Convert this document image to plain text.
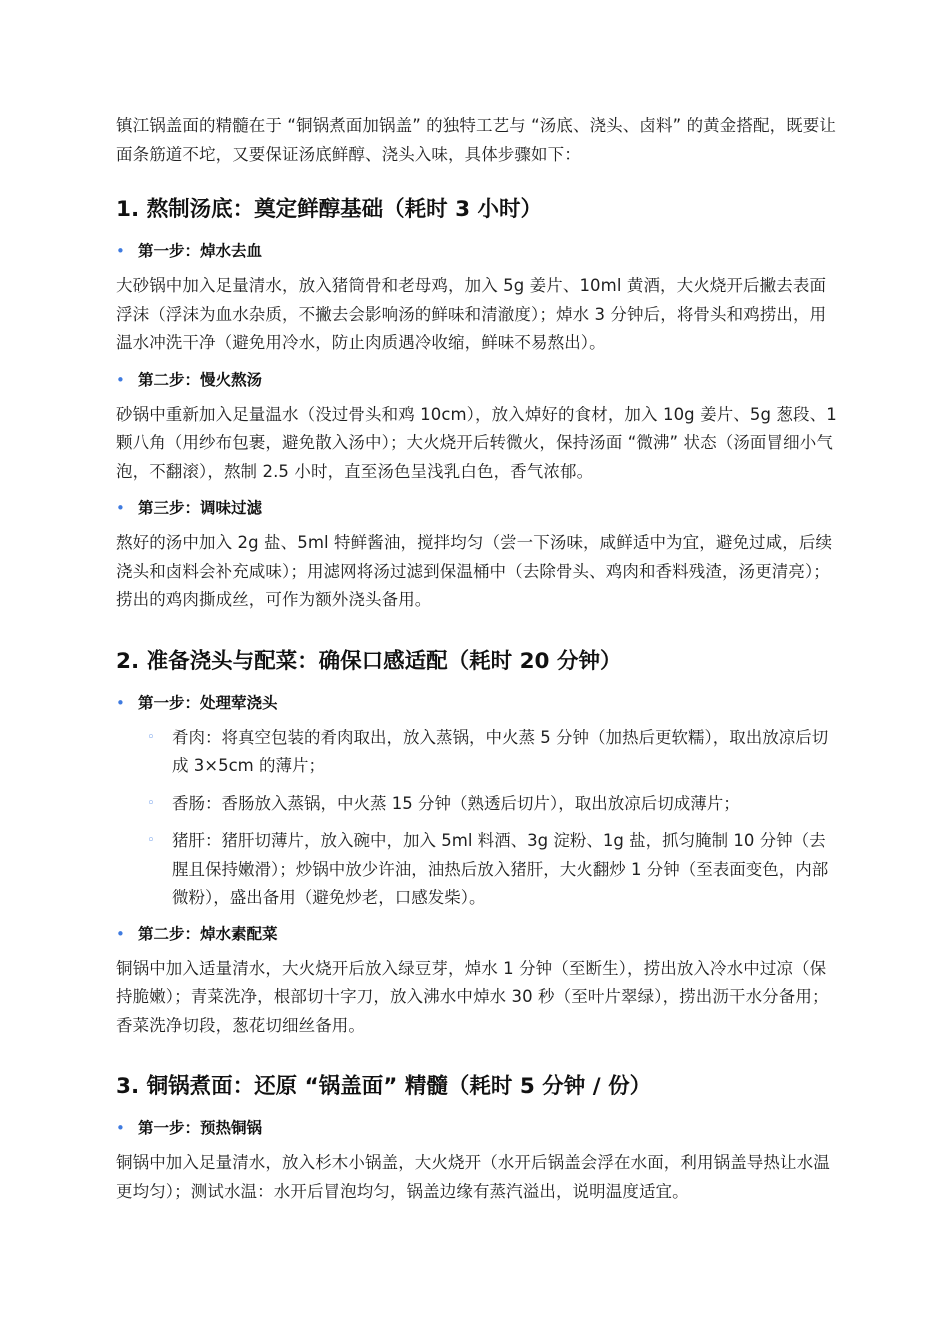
镇江锅盖面的精髓在于 “铜锅煮面加锅盖” 的独特工艺与 “汤底、浇头、卤料” 的黄金搭配，既要让面条筋道不坨，又要保证汤底鲜醇、浇头入味，具体步骤如下：

1. 熬制汤底：奠定鲜醇基础（耗时 3 小时）
• 第一步：焯水去血

大砂锅中加入足量清水，放入猪筒骨和老母鸡，加入 5g 姜片、10ml 黄酒，大火烧开后撇去表面浮沫（浮沫为血水杂质，不撇去会影响汤的鲜味和清澈度）；焯水 3 分钟后，将骨头和鸡捞出，用温水冲洗干净（避免用冷水，防止肉质遇冷收缩，鲜味不易熬出）。

• 第二步：慢火熬汤

砂锅中重新加入足量温水（没过骨头和鸡 10cm），放入焯好的食材，加入 10g 姜片、5g 葱段、1 颗八角（用纱布包裹，避免散入汤中）；大火烧开后转微火，保持汤面 “微沸” 状态（汤面冒细小气泡，不翻滚），熬制 2.5 小时，直至汤色呈浅乳白色，香气浓郁。

• 第三步：调味过滤

熬好的汤中加入 2g 盐、5ml 特鲜酱油，搅拌均匀（尝一下汤味，咸鲜适中为宜，避免过咸，后续浇头和卤料会补充咸味）；用滤网将汤过滤到保温桶中（去除骨头、鸡肉和香料残渣，汤更清亮）；捞出的鸡肉撕成丝，可作为额外浇头备用。

2. 准备浇头与配菜：确保口感适配（耗时 20 分钟）
• 第一步：处理荤浇头
◦ 肴肉：将真空包装的肴肉取出，放入蒸锅，中火蒸 5 分钟（加热后更软糯），取出放凉后切成 3×5cm 的薄片；
◦ 香肠：香肠放入蒸锅，中火蒸 15 分钟（熟透后切片），取出放凉后切成薄片；
◦ 猪肝：猪肝切薄片，放入碗中，加入 5ml 料酒、3g 淀粉、1g 盐，抓匀腌制 10 分钟（去腥且保持嫩滑）；炒锅中放少许油，油热后放入猪肝，大火翻炒 1 分钟（至表面变色，内部微粉），盛出备用（避免炒老，口感发柴）。
• 第二步：焯水素配菜

铜锅中加入适量清水，大火烧开后放入绿豆芽，焯水 1 分钟（至断生），捞出放入冷水中过凉（保持脆嫩）；青菜洗净，根部切十字刀，放入沸水中焯水 30 秒（至叶片翠绿），捞出沥干水分备用；香菜洗净切段，葱花切细丝备用。

3. 铜锅煮面：还原 “锅盖面” 精髓（耗时 5 分钟 / 份）
• 第一步：预热铜锅

铜锅中加入足量清水，放入杉木小锅盖，大火烧开（水开后锅盖会浮在水面，利用锅盖导热让水温更均匀）；测试水温：水开后冒泡均匀，锅盖边缘有蒸汽溢出，说明温度适宜。
